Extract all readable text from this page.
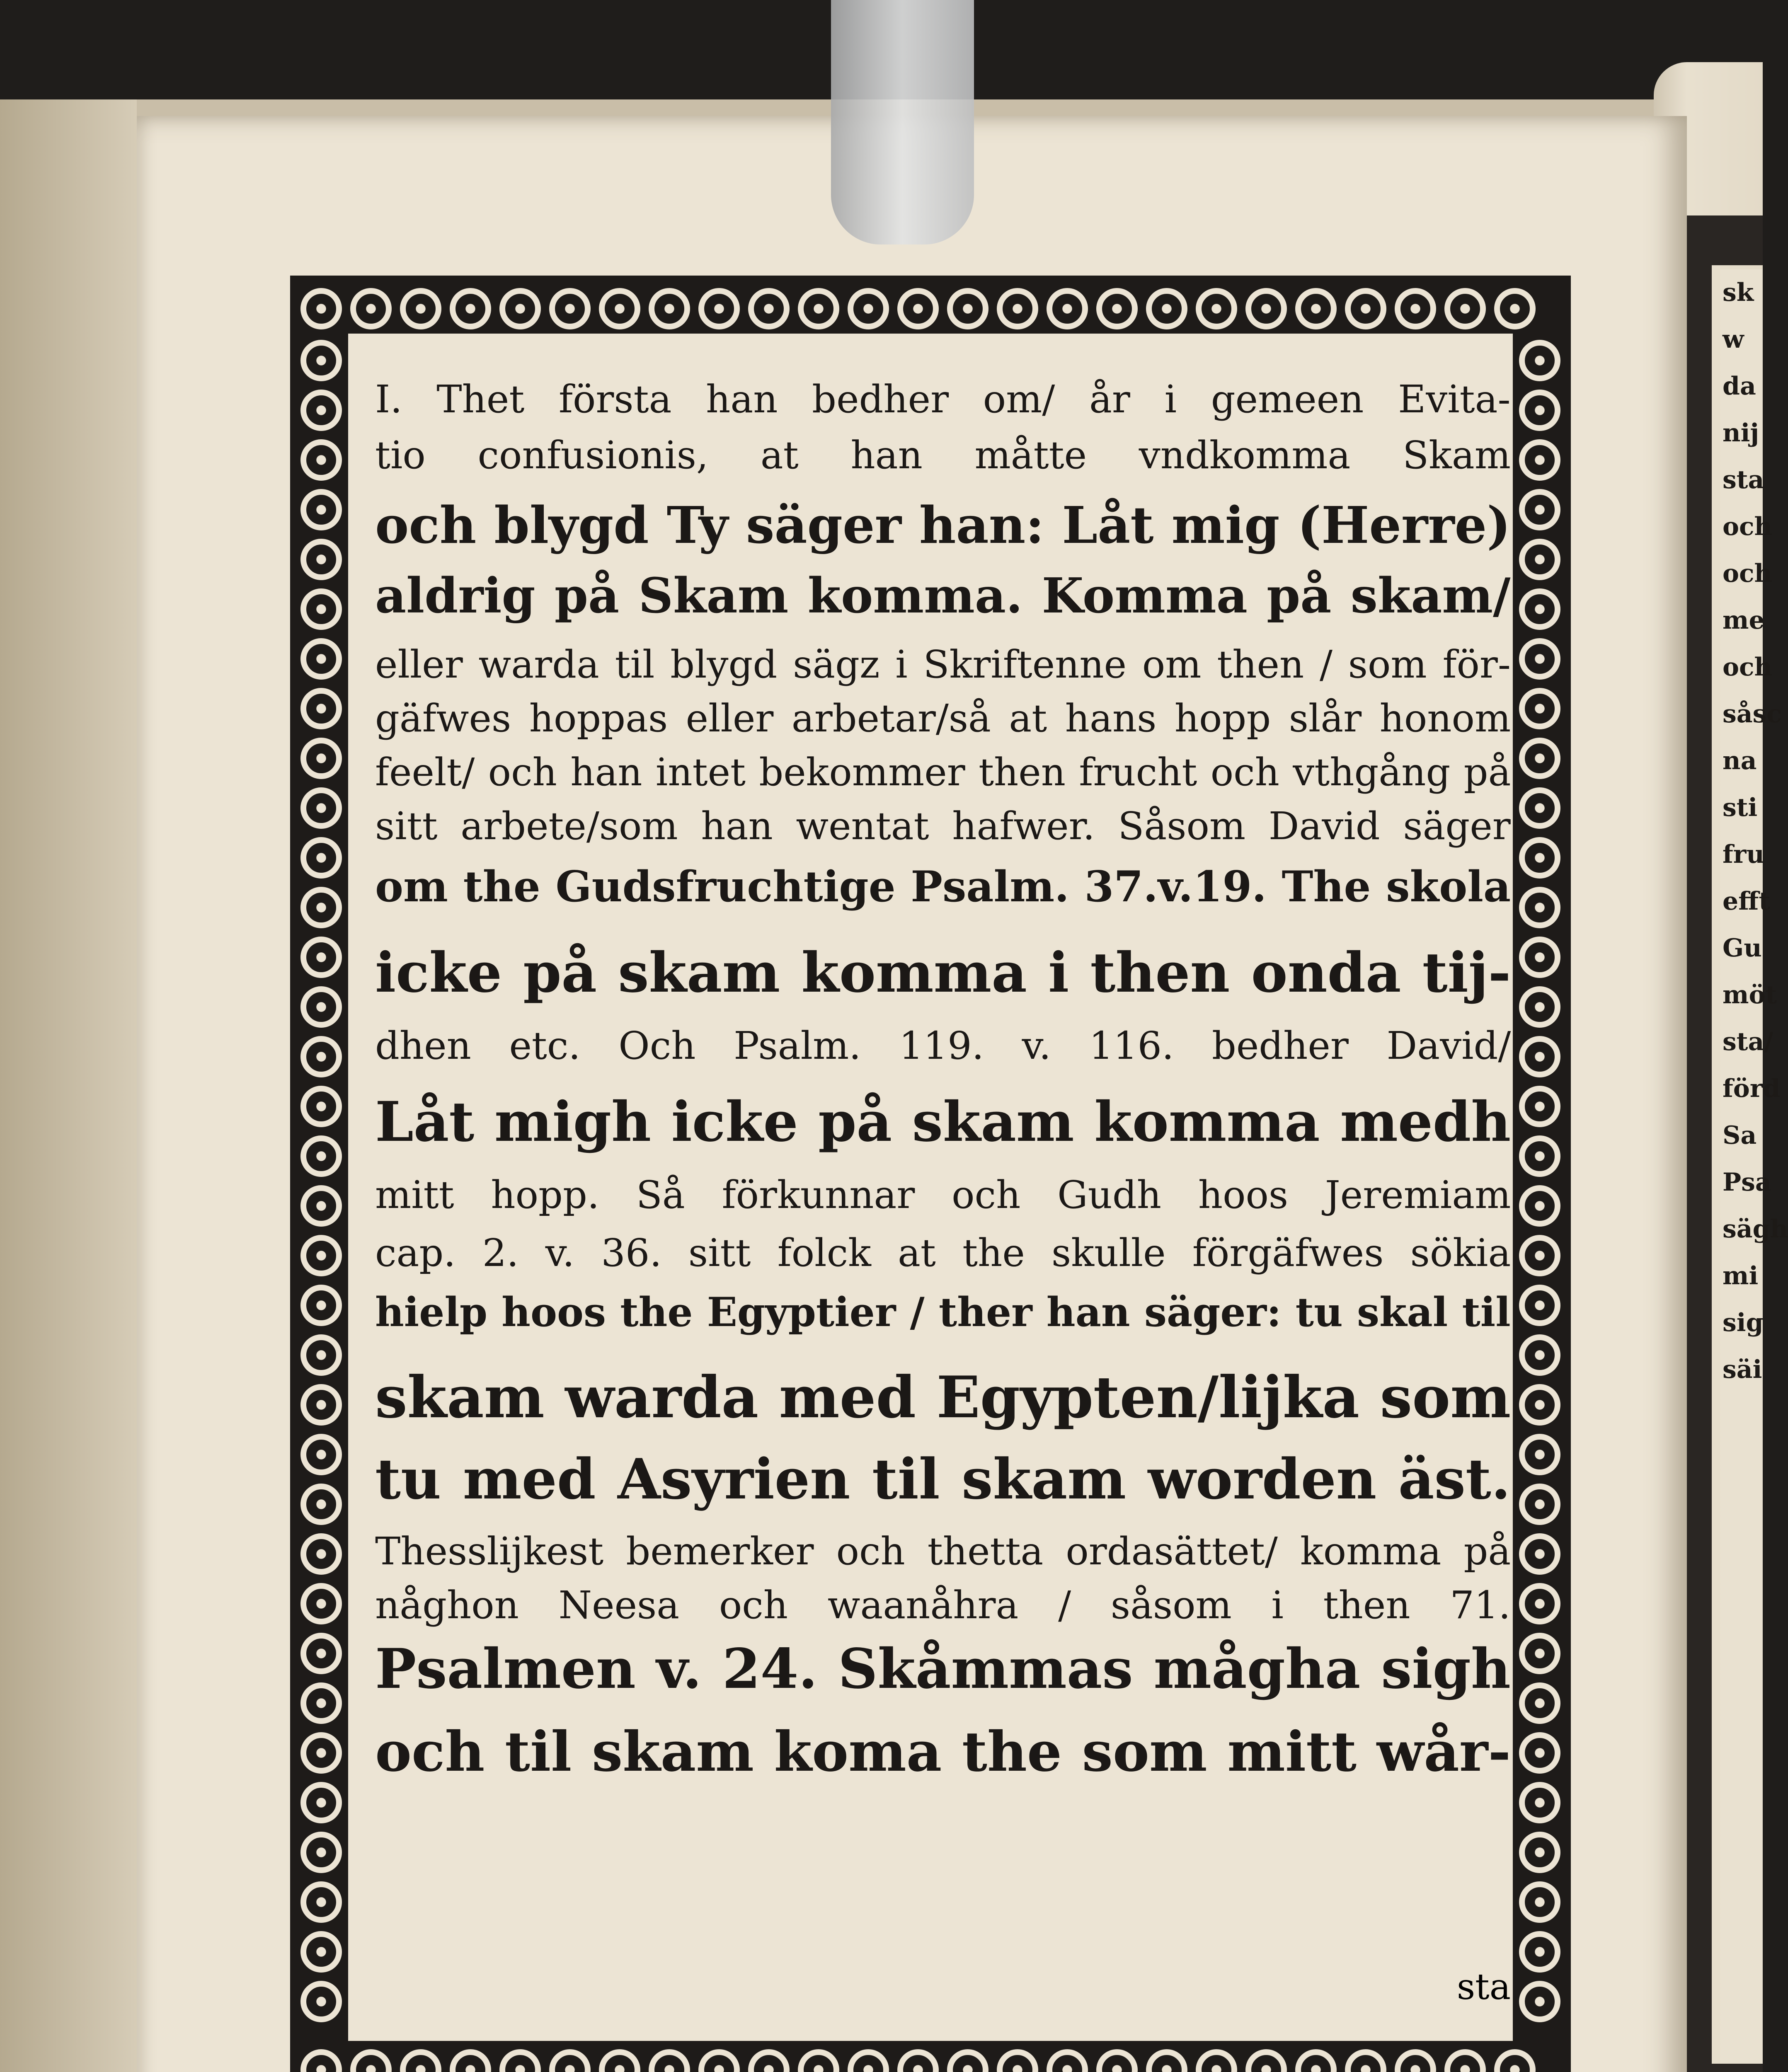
sk
w
da
nij
sta
och
och
me
och
såsc
na
sti
fru
efft
Gu
möt
sta/
förd
Sa
Psa
sägh
mi
sig
säi
I. Thet första han bedher om/ år i gemeen Evita-
tio confusionis, at han måtte vndkomma Skam
och blygd Ty säger han: Låt mig (Herre)
aldrig på Skam komma. Komma på skam/
eller warda til blygd sägz i Skriftenne om then / som för-
gäfwes hoppas eller arbetar/så at hans hopp slår honom
feelt/ och han intet bekommer then frucht och vthgång på
sitt arbete/som han wentat hafwer. Såsom David säger
om the Gudsfruchtige Psalm. 37.v.19. The skola
icke på skam komma i then onda tij-
dhen etc. Och Psalm. 119. v. 116. bedher David/
Låt migh icke på skam komma medh
mitt hopp. Så förkunnar och Gudh hoos Jeremiam
cap. 2. v. 36. sitt folck at the skulle förgäfwes sökia
hielp hoos the Egyptier / ther han säger: tu skal til
skam warda med Egypten/lijka som
tu med Asyrien til skam worden äst.
Thesslijkest bemerker och thetta ordasättet/ komma på
någhon Neesa och waanåhra / såsom i then 71.
Psalmen v. 24. Skåmmas mågha sigh
och til skam koma the som mitt wår-
sta
